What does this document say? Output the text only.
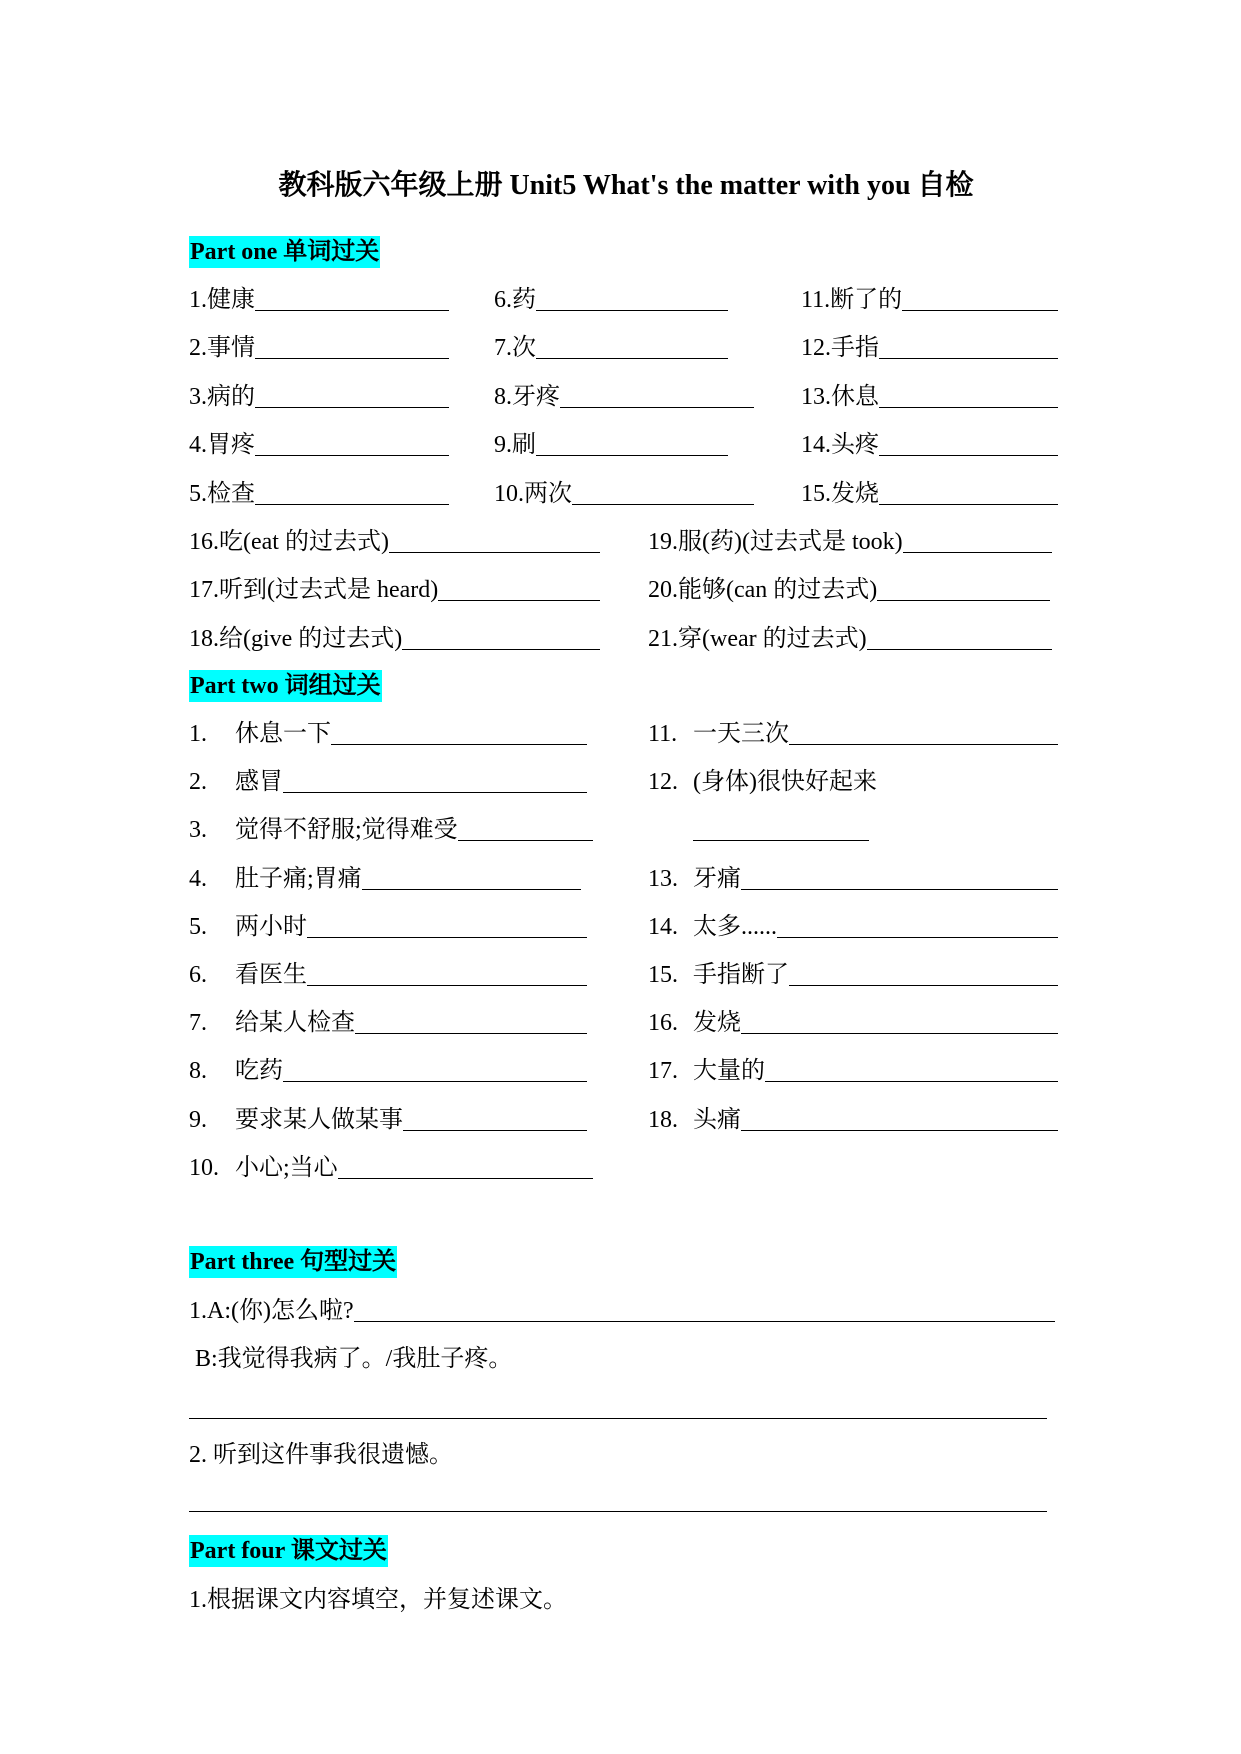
教科版六年级上册 Unit5 What's the matter with you 自检
Part one 单词过关
1.健康
2.事情
3.病的
4.胃疼
5.检查
6.药
7.次
8.牙疼
9.刷
10.两次
11.断了的
12.手指
13.休息
14.头疼
15.发烧
16.吃(eat 的过去式)
17.听到(过去式是 heard)
18.给(give 的过去式)
19.服(药)(过去式是 took)
20.能够(can 的过去式)
21.穿(wear 的过去式)
Part two 词组过关
1.	休息一下
2.	感冒
3.	觉得不舒服;觉得难受
4.	肚子痛;胃痛
5.	两小时
6.	看医生
7.	给某人检查
8.	吃药
9.	要求某人做某事
10. 小心;当心
11. 一天三次
12. (身体)很快好起来
13. 牙痛
14. 太多......
15. 手指断了
16. 发烧
17. 大量的
18. 头痛
Part three 句型过关
1.A:(你)怎么啦?
B:我觉得我病了。/我肚子疼。
2. 听到这件事我很遗憾。
Part four 课文过关
1.根据课文内容填空，并复述课文。
